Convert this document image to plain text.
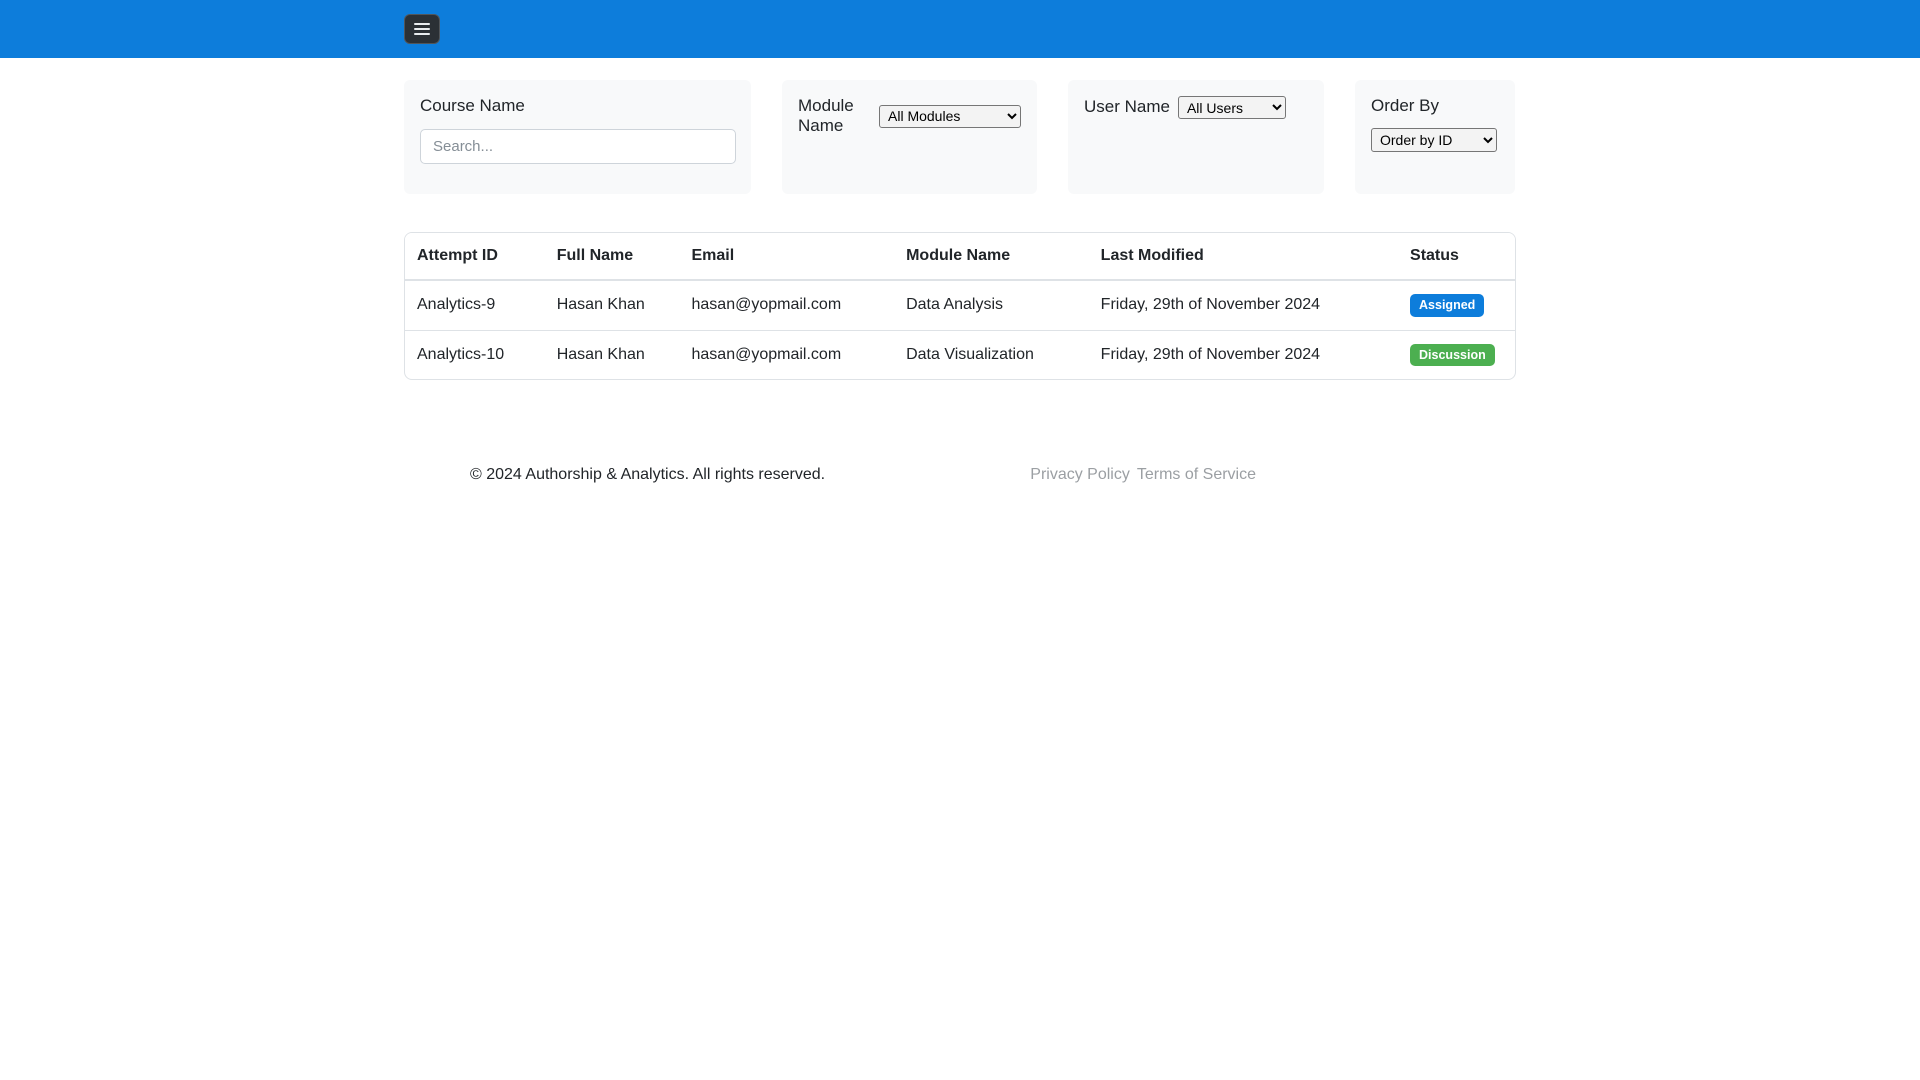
Course Name
Search...	Module Name
All Modules
User Name
All Users	Order By
Order by ID
Attempt ID	Full Name	Email	Module Name	Last Modified	Status
Analytics-9	Hasan Khan	hasan@yopmail.com	Data Analysis	Friday, 29th of November 2024	Assigned
Analytics-10	Hasan Khan	hasan@yopmail.com	Data Visualization	Friday, 29th of November 2024	Discussion
© 2024 Authorship & Analytics. All rights reserved.	Privacy Policy Terms of Service
